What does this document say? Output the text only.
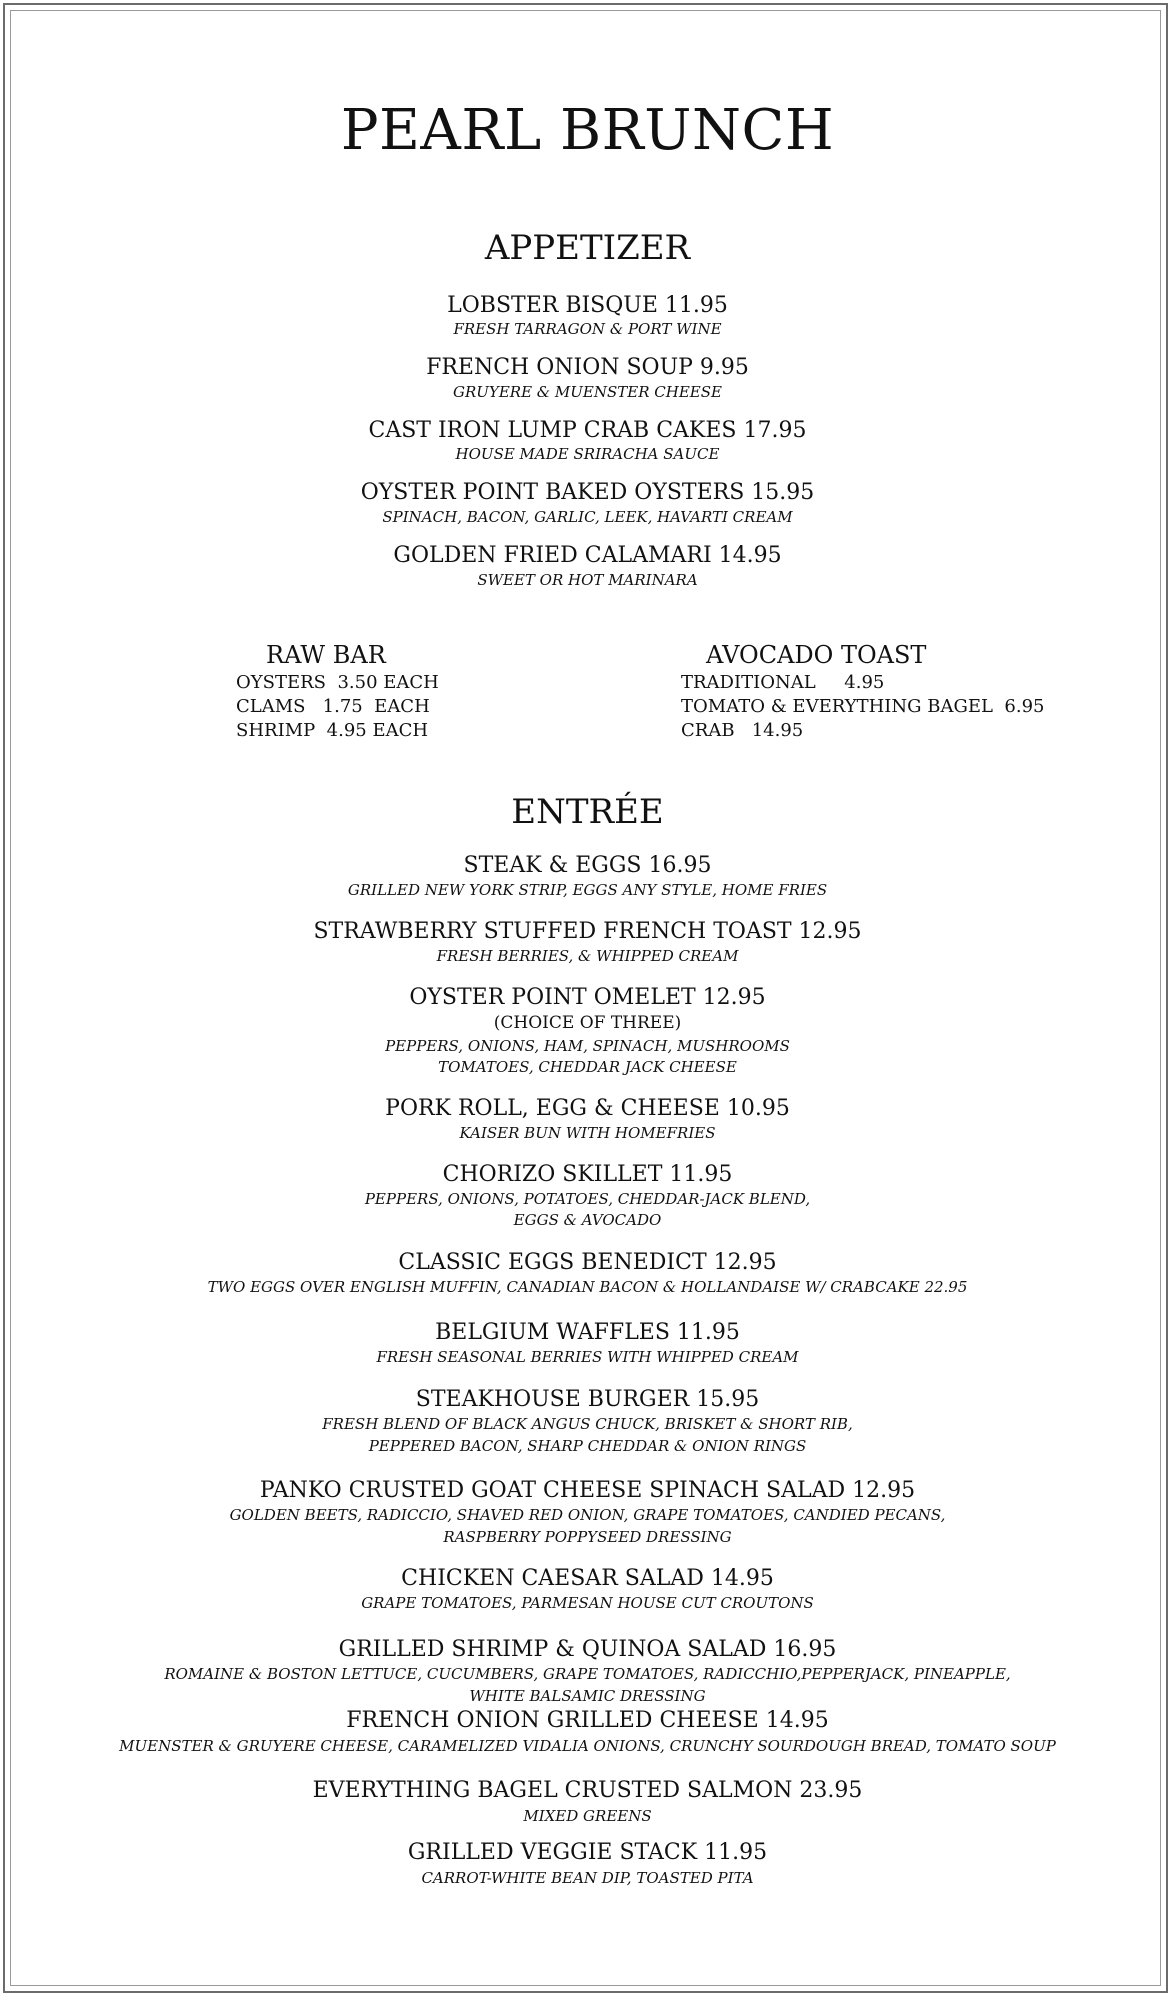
PEARL BRUNCH
APPETIZER
LOBSTER BISQUE 11.95
FRESH TARRAGON & PORT WINE
FRENCH ONION SOUP 9.95
GRUYERE & MUENSTER CHEESE
CAST IRON LUMP CRAB CAKES 17.95
HOUSE MADE SRIRACHA SAUCE
OYSTER POINT BAKED OYSTERS 15.95
SPINACH, BACON, GARLIC, LEEK, HAVARTI CREAM
GOLDEN FRIED CALAMARI 14.95
SWEET OR HOT MARINARA
RAW BAR
OYSTERS  3.50 EACH
CLAMS   1.75  EACH
SHRIMP  4.95 EACH
AVOCADO TOAST
TRADITIONAL     4.95
TOMATO & EVERYTHING BAGEL  6.95
CRAB   14.95
ENTRÉE
STEAK & EGGS 16.95
GRILLED NEW YORK STRIP, EGGS ANY STYLE, HOME FRIES
STRAWBERRY STUFFED FRENCH TOAST 12.95
FRESH BERRIES, & WHIPPED CREAM
OYSTER POINT OMELET 12.95
(CHOICE OF THREE)
PEPPERS, ONIONS, HAM, SPINACH, MUSHROOMS
TOMATOES, CHEDDAR JACK CHEESE
PORK ROLL, EGG & CHEESE 10.95
KAISER BUN WITH HOMEFRIES
CHORIZO SKILLET 11.95
PEPPERS, ONIONS, POTATOES, CHEDDAR-JACK BLEND,
EGGS & AVOCADO
CLASSIC EGGS BENEDICT 12.95
TWO EGGS OVER ENGLISH MUFFIN, CANADIAN BACON & HOLLANDAISE W/ CRABCAKE 22.95
BELGIUM WAFFLES 11.95
FRESH SEASONAL BERRIES WITH WHIPPED CREAM
STEAKHOUSE BURGER 15.95
FRESH BLEND OF BLACK ANGUS CHUCK, BRISKET & SHORT RIB,
PEPPERED BACON, SHARP CHEDDAR & ONION RINGS
PANKO CRUSTED GOAT CHEESE SPINACH SALAD 12.95
GOLDEN BEETS, RADICCIO, SHAVED RED ONION, GRAPE TOMATOES, CANDIED PECANS,
RASPBERRY POPPYSEED DRESSING
CHICKEN CAESAR SALAD 14.95
GRAPE TOMATOES, PARMESAN HOUSE CUT CROUTONS
GRILLED SHRIMP & QUINOA SALAD 16.95
ROMAINE & BOSTON LETTUCE, CUCUMBERS, GRAPE TOMATOES, RADICCHIO,PEPPERJACK, PINEAPPLE,
WHITE BALSAMIC DRESSING
FRENCH ONION GRILLED CHEESE 14.95
MUENSTER & GRUYERE CHEESE, CARAMELIZED VIDALIA ONIONS, CRUNCHY SOURDOUGH BREAD, TOMATO SOUP
EVERYTHING BAGEL CRUSTED SALMON 23.95
MIXED GREENS
GRILLED VEGGIE STACK 11.95
CARROT-WHITE BEAN DIP, TOASTED PITA
